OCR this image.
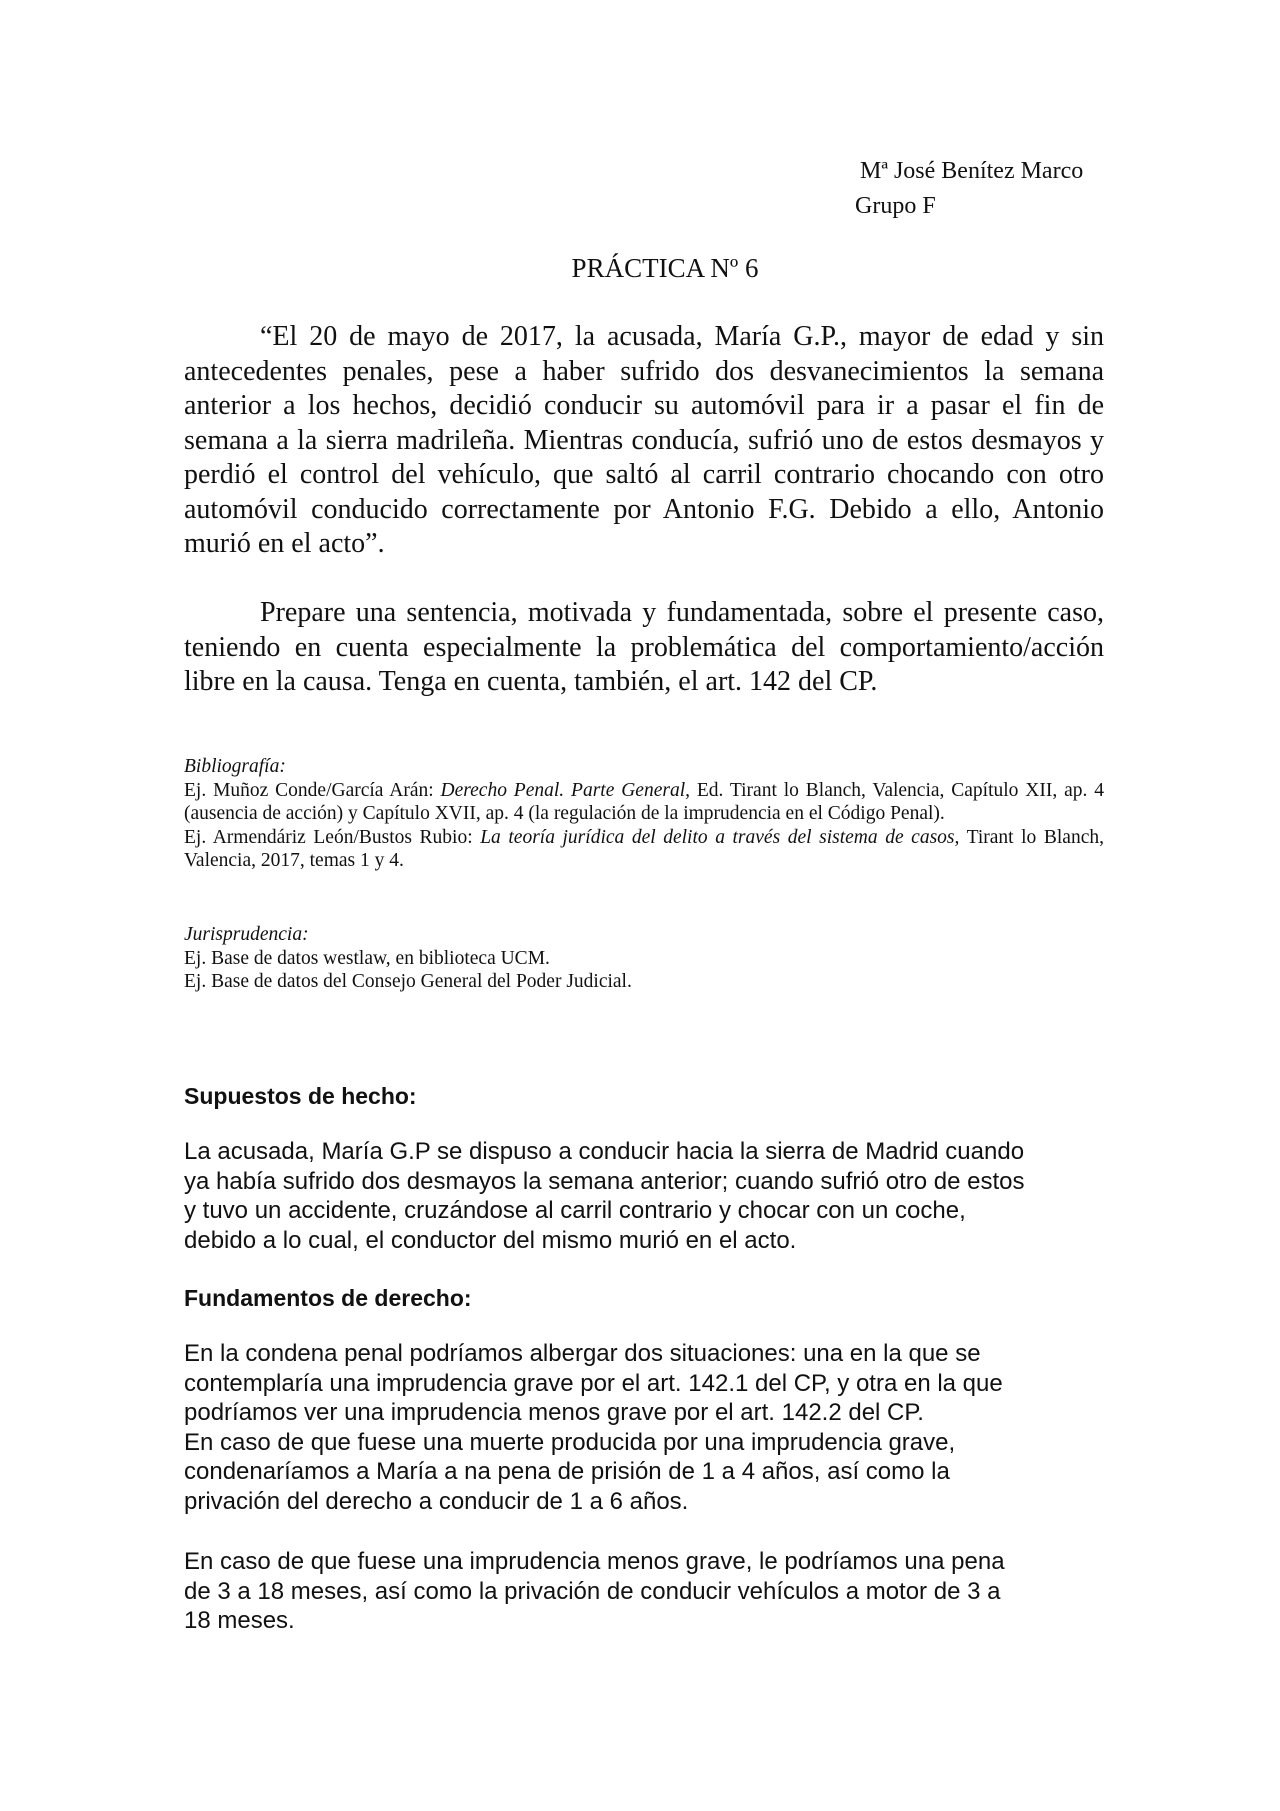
Mª José Benítez Marco
Grupo F
PRÁCTICA Nº 6

“El 20 de mayo de 2017, la acusada, María G.P., mayor de edad y sin antecedentes penales, pese a haber sufrido dos desvanecimientos la semana anterior a los hechos, decidió conducir su automóvil para ir a pasar el fin de semana a la sierra madrileña. Mientras conducía, sufrió uno de estos desmayos y perdió el control del vehículo, que saltó al carril contrario chocando con otro automóvil conducido correctamente por Antonio F.G. Debido a ello, Antonio murió en el acto”.

Prepare una sentencia, motivada y fundamentada, sobre el presente caso, teniendo en cuenta especialmente la problemática del comportamiento/acción libre en la causa. Tenga en cuenta, también, el art. 142 del CP.

Bibliografía:
Ej. Muñoz Conde/García Arán: Derecho Penal. Parte General, Ed. Tirant lo Blanch, Valencia, Capítulo XII, ap. 4 (ausencia de acción) y Capítulo XVII, ap. 4 (la regulación de la imprudencia en el Código Penal).
Ej. Armendáriz León/Bustos Rubio: La teoría jurídica del delito a través del sistema de casos, Tirant lo Blanch, Valencia, 2017, temas 1 y 4.
Jurisprudencia:
Ej. Base de datos westlaw, en biblioteca UCM.
Ej. Base de datos del Consejo General del Poder Judicial.
Supuestos de hecho:
La acusada, María G.P se dispuso a conducir hacia la sierra de Madrid cuando
ya había sufrido dos desmayos la semana anterior; cuando sufrió otro de estos
y tuvo un accidente, cruzándose al carril contrario y chocar con un coche,
debido a lo cual, el conductor del mismo murió en el acto.
Fundamentos de derecho:
En la condena penal podríamos albergar dos situaciones: una en la que se
contemplaría una imprudencia grave por el art. 142.1 del CP, y otra en la que
podríamos ver una imprudencia menos grave por el art. 142.2 del CP.
En caso de que fuese una muerte producida por una imprudencia grave,
condenaríamos a María a na pena de prisión de 1 a 4 años, así como la
privación del derecho a conducir de 1 a 6 años.
En caso de que fuese una imprudencia menos grave, le podríamos una pena
de 3 a 18 meses, así como la privación de conducir vehículos a motor de 3 a
18 meses.
